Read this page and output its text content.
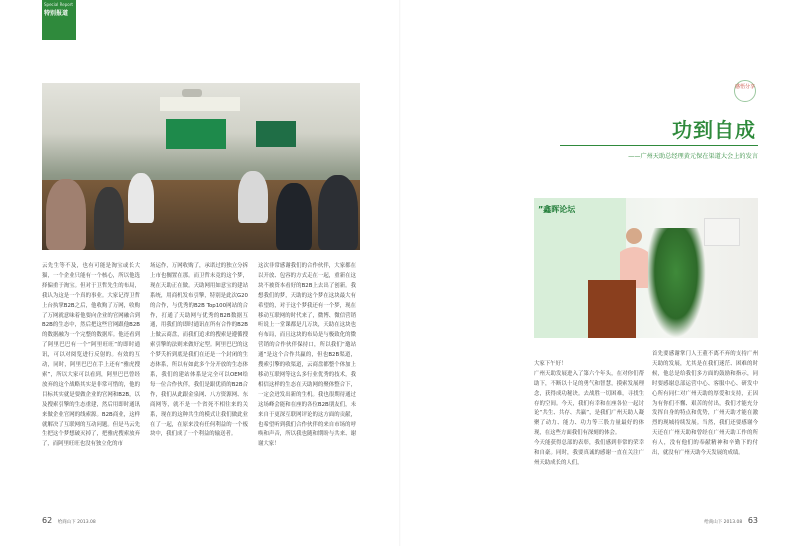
Special Report
特别报道

云先生等不及，也有可能是淘宝或长大猫，一个企业只能有一个核心，所以他选择偏重于淘宝。但对于卫哲先生的布局，我认为这是一个真的事业。大家记得卫哲上台执掌B2B之后，他收购了万网，收购了万网就意味着他要向企业的官网融合到B2B的生态中，然后把这些官网跟他B2B的数据融为一个完整的数据库。他还看到了阿里巴巴有一个“阿里旺旺”的即时通讯，可以对阅览进行反射的。有效的互动，同时，阿里巴巴在手上还有“雅虎搜索”，所以大家可以看到，阿里巴巴曾经放弃的这个战略其实是非常可惜的，他的目标其实就是要做企业的官网和B2B，以及搜索引擎的生态重建，然后用即时通讯来做企业官网的线索源。B2B商业，这样就解决了互联网的互动问题。但是马云先生把这个梦想破灭掉了，把雅虎搜索放弃了，而阿里旺旺也没有独立化的市

场运作，万网收购了，承诺过的独立分拆上市也搁置在那。而卫哲未竟的这个梦，现在天助正在做。天助网用如意宝的建站系统，用商机发布引擎，特别是此次G20的合作，与优秀的B2B Top100网站的合作，打通了天助网与优秀的B2B数据互通，用我们的即时通讯在所有合作的B2B上做云商盘，而我们追求的搜索是遵循搜索引擎的法则来做好定型。阿里巴巴的这个梦夭折到底是我们在还是一个封闭的生态体系，所以有如此多个分开放的生态体系，我们的建站体系是完全可以OEM给每一位合作伙伴，我们是跟优质的B2B合作，我们从此跟金泉网、八方资源网、东商网等，就不是一个省死不相往来的关系，现在的这种共生的模式让我们做此业在了一起，在原来没有任何利益的一个板块中，我们成了一个利益的输送者。

这次非常感谢我们的合作伙伴，大家都在以开放、包容的方式走在一起，重新在这块不被资本看好的B2B上去出了创新。我想我们的梦，天助的这个梦在这块最大有希望的，对于这个梦我还有一个梦，现在移动互联网的时代来了，微博、微信营销听说上一堂课都是几万块，天助在这块也有布局，而且这块的布局是与极致化的微营销的合作伙伴保持口，所以我们“邀站通”是这个合作共赢的，但也B2B渠道，搜索引擎的收渠道，云商盘都整个体加上移动互联网等这么多行业优秀的技术，我相信这样的生态在天助网的聚体整合下，一定会迸发出新的生机。我也很期待通过这场峰会能和在座的各位B2B朋友们，未来自于更深互联网评论的这方面的贡献，也希望听到我们合作伙伴的来自市场的呼唤和声音，所以我也随和期盼与共来、谢谢大家！

感悟分享
功到自成
——广州天助总经理黄元保在渠道大会上的发言
”鑫晖论坛

大家下午好！
广州天助发展进入了第六个年头，在对你们帮助下，不断以十足的勇气和智慧，摸索发展理念，获得成功秘诀。去战胜一切困难，寻找生存的空间。今天，我们有幸和在座各位一起讨论“共生、共存、共赢”，是我们广州天助人凝聚了动力、能力、功力等三股力量最好的体现，在这些方面我们有深刻的体会。
今天能获得总部的表彰，我们感到非常的荣幸和自豪。同时，我要真诚的感谢一直在关注广州天助成长的人们，

首先要感谢掌门人王董不离不弃的支持广州天助的发展，尤其是在我们迷茫、困难的时候，他总是给我们多方面的鼓励和指示，同时要感谢总部运营中心、客服中心、研发中心所有同仁对广州天助的厚爱和支持，正因为有你们不懈、艰苦的付出，我们才能充分发挥自身的特点和优势，广州天助才能在激烈的现城持续发展。当然，我们还要感谢今天还在广州天助和曾经在广州天助工作的所有人，没有他们的奉献精神和辛勤下的付出，就没有广州天助今天发展的成绩。

62 给商山下 2013.08	给商山下 2013.08 63
